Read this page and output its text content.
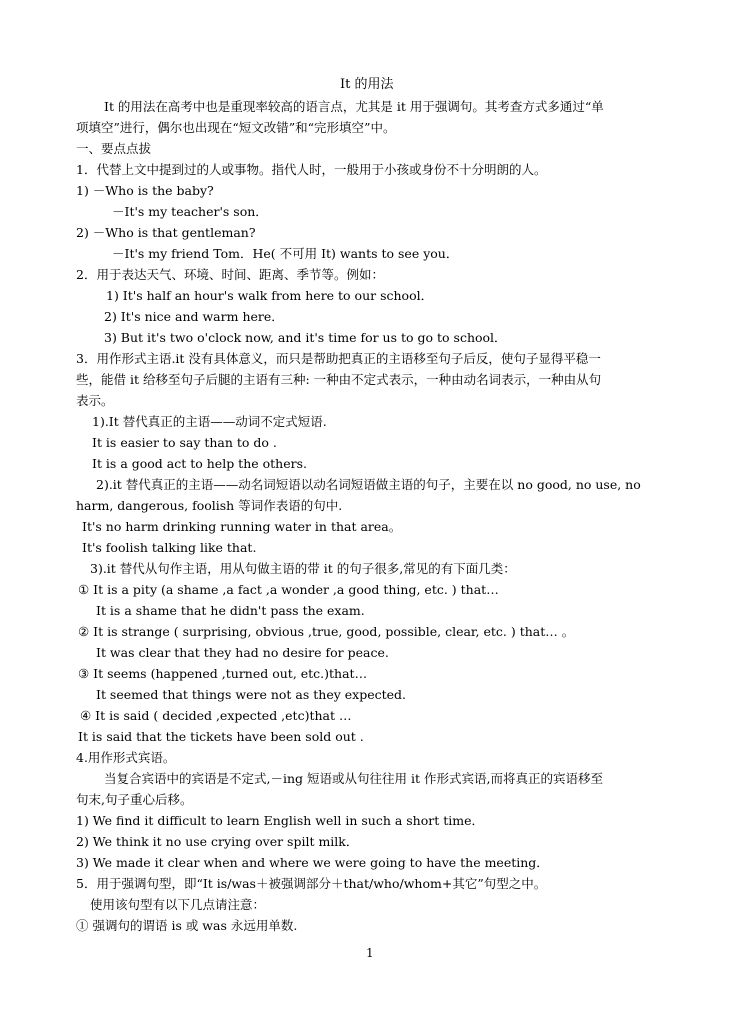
It 的用法
It 的用法在高考中也是重现率较高的语言点，尤其是 it 用于强调句。其考查方式多通过“单
项填空”进行，偶尔也出现在“短文改错”和“完形填空”中。
一、要点点拔
1．代替上文中提到过的人或事物。指代人时，一般用于小孩或身份不十分明朗的人。
1) －Who is the baby?
－It's my teacher's son．
2) －Who is that gentleman?
－It's my friend Tom．He( 不可用 It) wants to see you．
2．用于表达天气、环境、时间、距离、季节等。例如：
1) It's half an hour's walk from here to our school．
2) It's nice and warm here．
3) But it's two o'clock now, and it's time for us to go to school．
3．用作形式主语.it 没有具体意义，而只是帮助把真正的主语移至句子后反，使句子显得平稳一
些，能借 it 给移至句子后腿的主语有三种: 一种由不定式表示，一种由动名词表示，一种由从句
表示。
1).It 替代真正的主语——动词不定式短语.
It is easier to say than to do .
It is a good act to help the others.
2).it 替代真正的主语——动名词短语以动名词短语做主语的句子，主要在以 no good, no use, no
harm, dangerous, foolish 等词作表语的句中.
It's no harm drinking running water in that area。
It's foolish talking like that.
3).it 替代从句作主语，用从句做主语的带 it 的句子很多,常见的有下面几类：
① It is a pity (a shame ,a fact ,a wonder ,a good thing, etc. ) that…
It is a shame that he didn't pass the exam.
② It is strange ( surprising, obvious ,true, good, possible, clear, etc. ) that… 。
It was clear that they had no desire for peace.
③ It seems (happened ,turned out, etc.)that…
It seemed that things were not as they expected.
④ It is said ( decided ,expected ,etc)that …
It is said that the tickets have been sold out .
4.用作形式宾语。
当复合宾语中的宾语是不定式,－ing 短语或从句往往用 it 作形式宾语,而将真正的宾语移至
句末,句子重心后移。
1) We find it difficult to learn English well in such a short time．
2) We think it no use crying over spilt milk．
3) We made it clear when and where we were going to have the meeting．
5．用于强调句型，即“It is/was＋被强调部分＋that/who/whom+其它”句型之中。
使用该句型有以下几点请注意：
① 强调句的谓语 is 或 was 永远用单数.
1
